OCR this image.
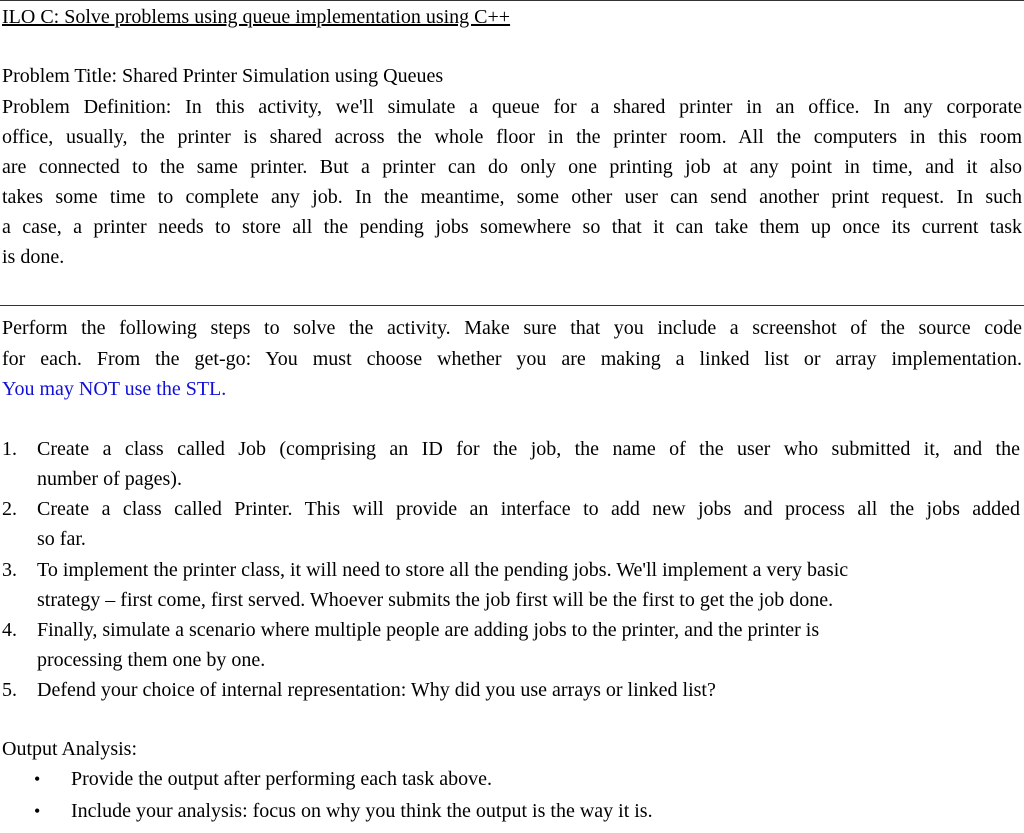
ILO C: Solve problems using queue implementation using C++
Problem Title: Shared Printer Simulation using Queues
Problem Definition: In this activity, we'll simulate a queue for a shared printer in an office. In any corporate
office, usually, the printer is shared across the whole floor in the printer room. All the computers in this room
are connected to the same printer. But a printer can do only one printing job at any point in time, and it also
takes some time to complete any job. In the meantime, some other user can send another print request. In such
a case, a printer needs to store all the pending jobs somewhere so that it can take them up once its current task
is done.
Perform the following steps to solve the activity. Make sure that you include a screenshot of the source code
for each. From the get-go: You must choose whether you are making a linked list or array implementation.
You may NOT use the STL.
1.	Create a class called Job (comprising an ID for the job, the name of the user who submitted it, and the
number of pages).
2.	Create a class called Printer. This will provide an interface to add new jobs and process all the jobs added
so far.
3.	To implement the printer class, it will need to store all the pending jobs. We'll implement a very basic
strategy – first come, first served. Whoever submits the job first will be the first to get the job done.
4.	Finally, simulate a scenario where multiple people are adding jobs to the printer, and the printer is
processing them one by one.
5.	Defend your choice of internal representation: Why did you use arrays or linked list?
Output Analysis:
•	Provide the output after performing each task above.
•	Include your analysis: focus on why you think the output is the way it is.
